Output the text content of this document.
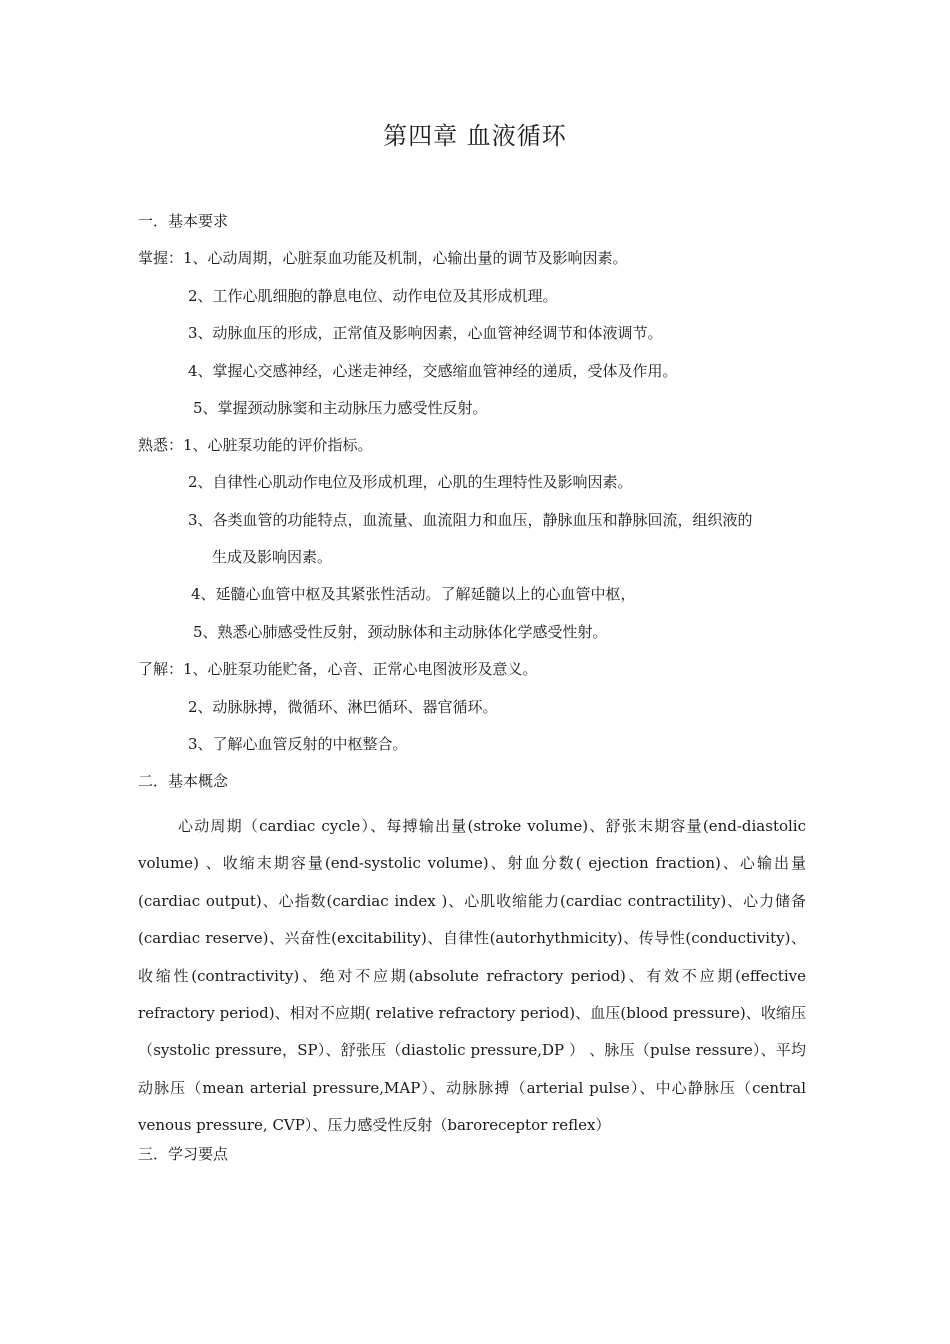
第四章 血液循环
一．基本要求
掌握：1、心动周期，心脏泵血功能及机制，心输出量的调节及影响因素。
2、工作心肌细胞的静息电位、动作电位及其形成机理。
3、动脉血压的形成，正常值及影响因素，心血管神经调节和体液调节。
4、掌握心交感神经，心迷走神经，交感缩血管神经的递质，受体及作用。
5、掌握颈动脉窦和主动脉压力感受性反射。
熟悉：1、心脏泵功能的评价指标。
2、自律性心肌动作电位及形成机理，心肌的生理特性及影响因素。
3、各类血管的功能特点，血流量、血流阻力和血压，静脉血压和静脉回流，组织液的
生成及影响因素。
4、延髓心血管中枢及其紧张性活动。了解延髓以上的心血管中枢，
5、熟悉心肺感受性反射，颈动脉体和主动脉体化学感受性射。
了解：1、心脏泵功能贮备，心音、正常心电图波形及意义。
2、动脉脉搏，微循环、淋巴循环、器官循环。
3、了解心血管反射的中枢整合。
二．基本概念
心动周期（cardiac cycle）、每搏输出量(stroke volume)、舒张末期容量(end-diastolic volume) 、收缩末期容量(end-systolic volume)、射血分数( ejection fraction)、心输出量(cardiac output)、心指数(cardiac index )、心肌收缩能力(cardiac contractility)、心力储备 (cardiac reserve)、兴奋性(excitability)、自律性(autorhythmicity)、传导性(conductivity)、收缩性(contractivity)、绝对不应期(absolute refractory period)、有效不应期(effective refractory period)、相对不应期( relative refractory period)、血压(blood pressure)、收缩压（systolic pressure，SP）、舒张压（diastolic pressure,DP ） 、脉压（pulse ressure）、平均动脉压（mean arterial pressure,MAP）、动脉脉搏（arterial pulse）、中心静脉压（central venous pressure, CVP）、压力感受性反射（baroreceptor reflex）
三．学习要点
